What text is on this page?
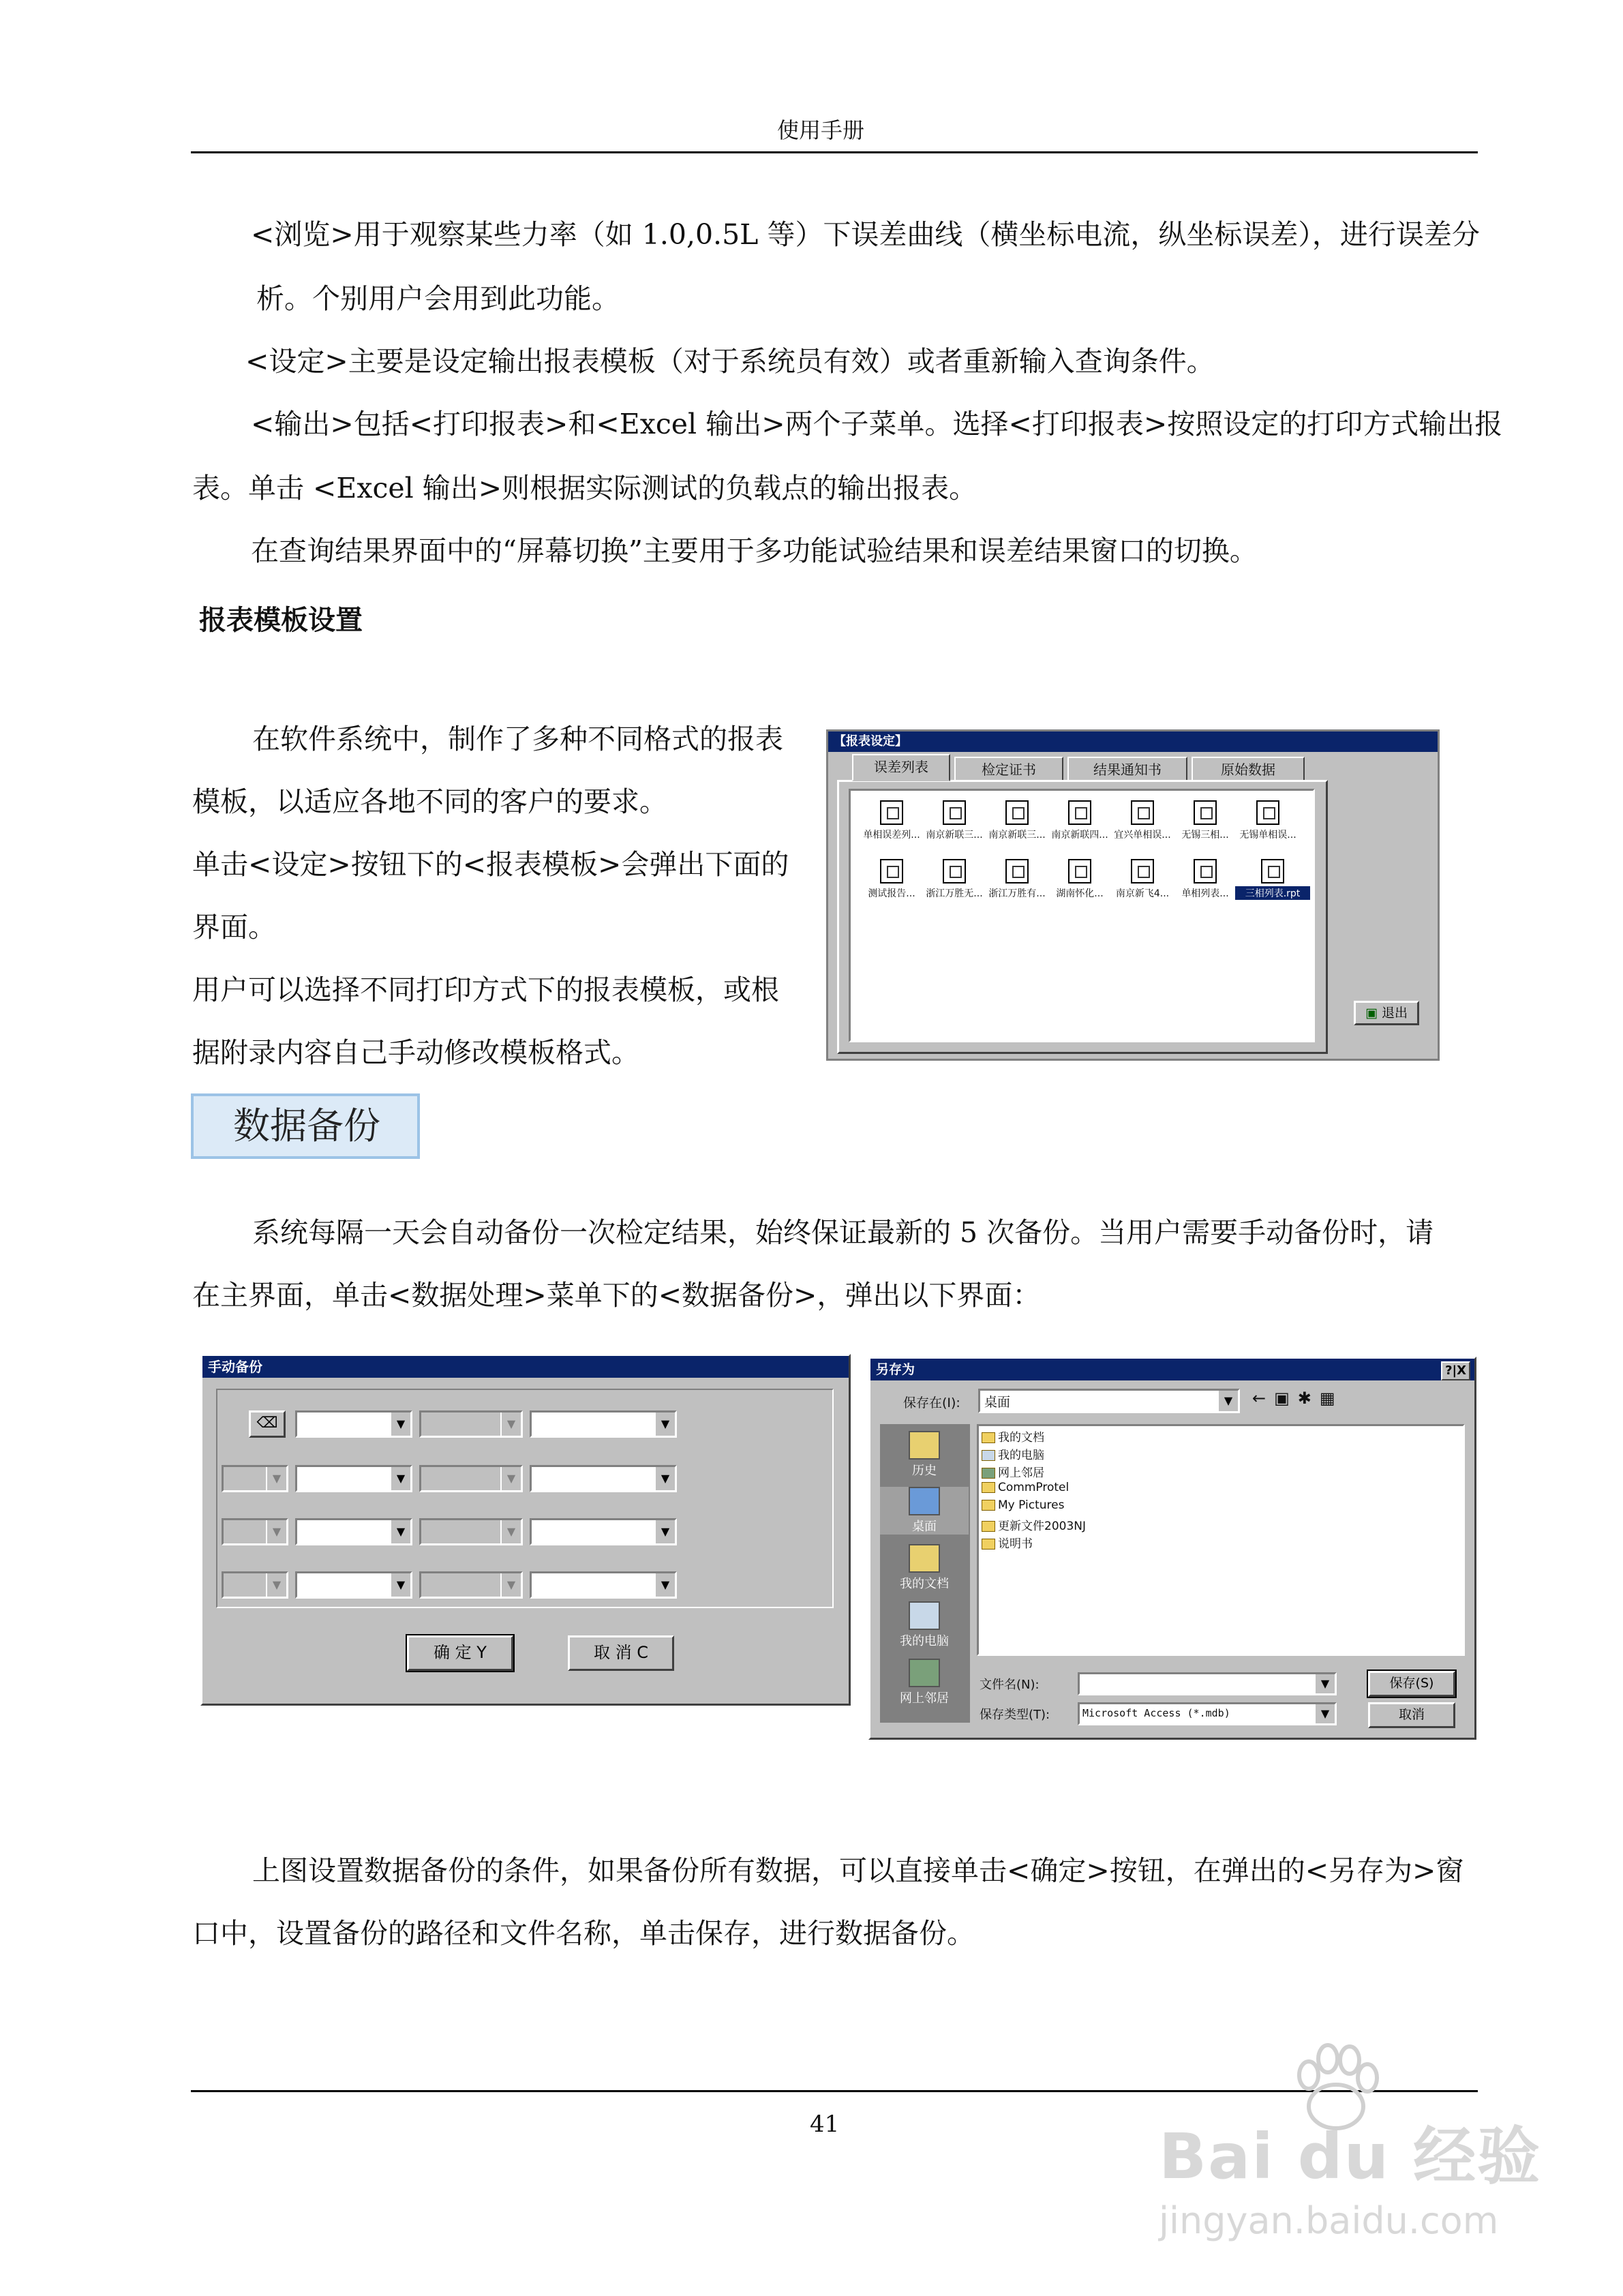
使用手册
<浏览>用于观察某些力率（如 1.0,0.5L 等）下误差曲线（横坐标电流，纵坐标误差），进行误差分
析。个别用户会用到此功能。
<设定>主要是设定输出报表模板（对于系统员有效）或者重新输入查询条件。
<输出>包括<打印报表>和<Excel 输出>两个子菜单。选择<打印报表>按照设定的打印方式输出报
表。单击 <Excel 输出>则根据实际测试的负载点的输出报表。
在查询结果界面中的“屏幕切换”主要用于多功能试验结果和误差结果窗口的切换。
报表模板设置
在软件系统中，制作了多种不同格式的报表
模板，以适应各地不同的客户的要求。
单击<设定>按钮下的<报表模板>会弹出下面的
界面。
用户可以选择不同打印方式下的报表模板，或根
据附录内容自己手动修改模板格式。
【报表设定】
误差列表	检定证书	结果通知书	原始数据
单相误差列... 南京新联三... 南京新联三... 南京新联四... 宜兴单相误...	无锡三相...	无锡单相误...
测试报告...	浙江万胜无... 浙江万胜有...	湖南怀化...	南京新飞4...	单相列表...	三相列表.rpt
▣ 退出
数据备份
系统每隔一天会自动备份一次检定结果，始终保证最新的 5 次备份。当用户需要手动备份时，请
在主界面，单击<数据处理>菜单下的<数据备份>，弹出以下界面：
手动备份
⌫	▼	▼	▼
▼	▼	▼	▼
▼	▼	▼	▼
▼	▼	▼	▼
确 定 Y	取 消 C
另存为	?|X
保存在(I): 桌面	▼	←▣✱▦
历史
桌面
我的文档
我的电脑
网上邻居
我的文档
我的电脑
网上邻居
CommProtel
My Pictures
更新文件2003NJ
说明书
文件名(N):	▼
保存类型(T):	Microsoft Access (*.mdb)	▼
保存(S)
取消
上图设置数据备份的条件，如果备份所有数据，可以直接单击<确定>按钮，在弹出的<另存为>窗
口中，设置备份的路径和文件名称，单击保存，进行数据备份。
41	Bai du 经验
jingyan.baidu.com
